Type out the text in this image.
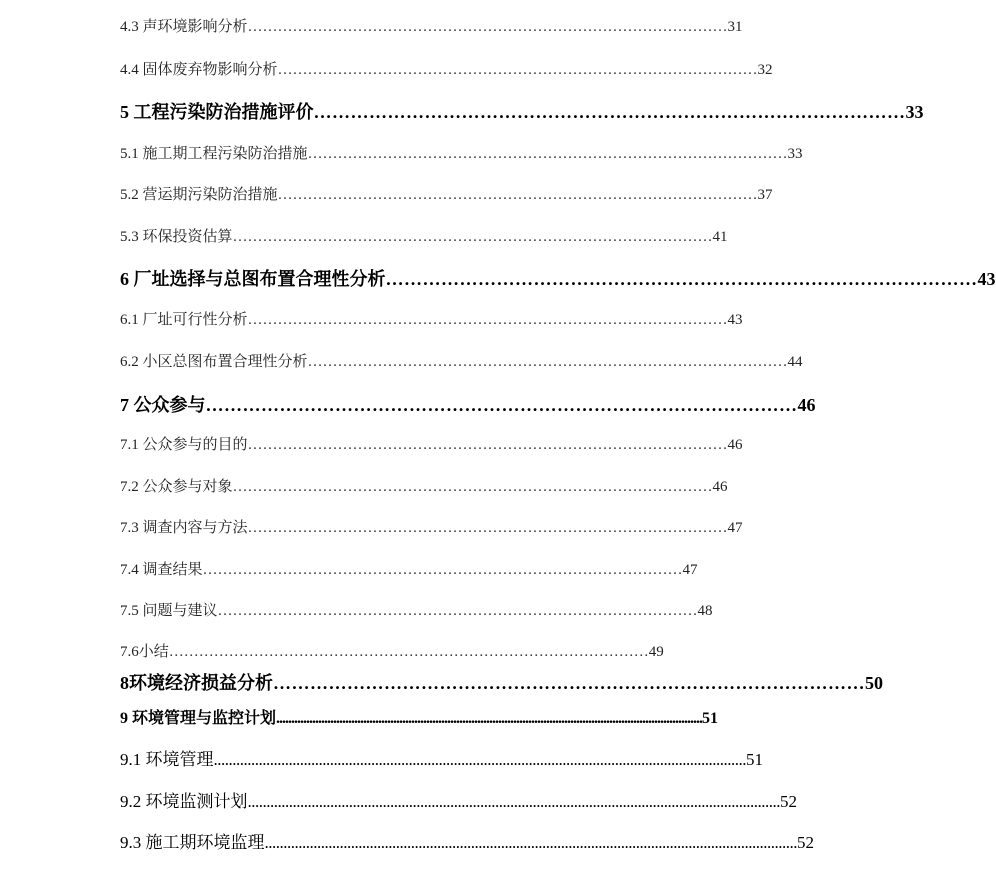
4.3 声环境影响分析 …………………………………………………………………………………… 31
4.4 固体废弃物影响分析 …………………………………………………………………………………… 32
5 工程污染防治措施评价 …………………………………………………………………………………… 33
5.1 施工期工程污染防治措施 …………………………………………………………………………………… 33
5.2 营运期污染防治措施 …………………………………………………………………………………… 37
5.3 环保投资估算 …………………………………………………………………………………… 41
6 厂址选择与总图布置合理性分析 …………………………………………………………………………………… 43
6.1 厂址可行性分析 …………………………………………………………………………………… 43
6.2 小区总图布置合理性分析 …………………………………………………………………………………… 44
7 公众参与 …………………………………………………………………………………… 46
7.1 公众参与的目的 …………………………………………………………………………………… 46
7.2 公众参与对象 …………………………………………………………………………………… 46
7.3 调查内容与方法 …………………………………………………………………………………… 47
7.4 调查结果 …………………………………………………………………………………… 47
7.5 问题与建议 …………………………………………………………………………………… 48
7.6小结 …………………………………………………………………………………… 49
8环境经济损益分析 …………………………………………………………………………………… 50
9 环境管理与监控计划 .............................................................................................................................................. 51
9.1 环境管理 .............................................................................................................................................. 51
9.2 环境监测计划 .............................................................................................................................................. 52
9.3 施工期环境监理 .............................................................................................................................................. 52
